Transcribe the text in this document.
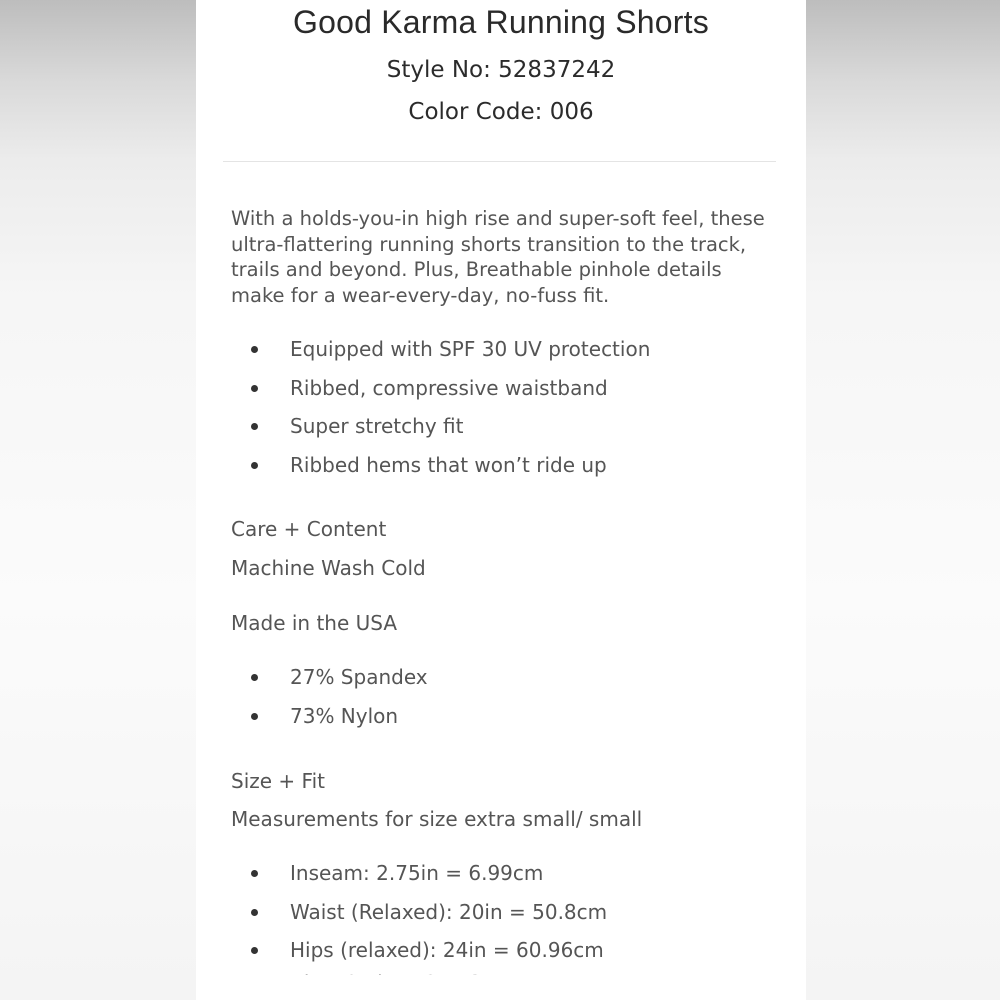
Good Karma Running Shorts
Style No: 52837242
Color Code: 006
With a holds-you-in high rise and super-soft feel, these ultra-flattering running shorts transition to the track, trails and beyond. Plus, Breathable pinhole details make for a wear-every-day, no-fuss fit.
Equipped with SPF 30 UV protection
Ribbed, compressive waistband
Super stretchy fit
Ribbed hems that won’t ride up
Care + Content
Machine Wash Cold
Made in the USA
27% Spandex
73% Nylon
Size + Fit
Measurements for size extra small/ small
Inseam: 2.75in = 6.99cm
Waist (Relaxed): 20in = 50.8cm
Hips (relaxed): 24in = 60.96cm
